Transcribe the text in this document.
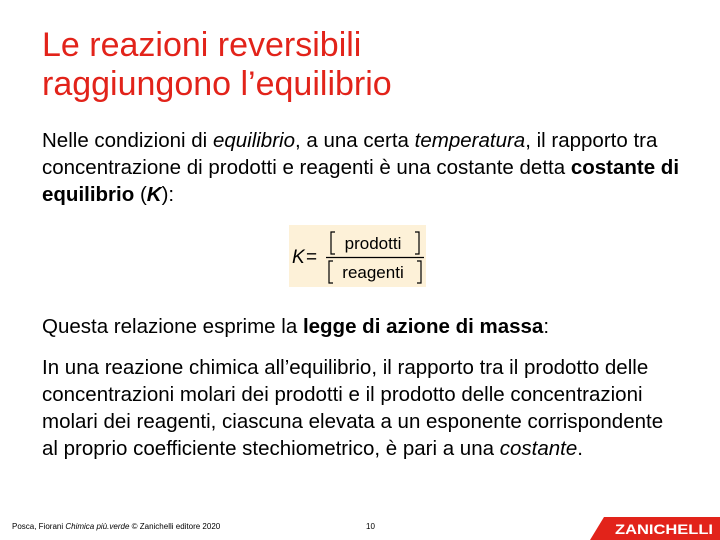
Le reazioni reversibili
raggiungono l’equilibrio

Nelle condizioni di equilibrio, a una certa temperatura, il rapporto tra concentrazione di prodotti e reagenti è una costante detta costante di equilibrio (K):

K =
prodotti
reagenti

Questa relazione esprime la legge di azione di massa:

In una reazione chimica all’equilibrio, il rapporto tra il prodotto delle concentrazioni molari dei prodotti e il prodotto delle concentrazioni molari dei reagenti, ciascuna elevata a un esponente corrispondente al proprio coefficiente stechiometrico, è pari a una costante.

Posca, Fiorani Chimica più.verde © Zanichelli editore 2020	10	ZANICHELLI
